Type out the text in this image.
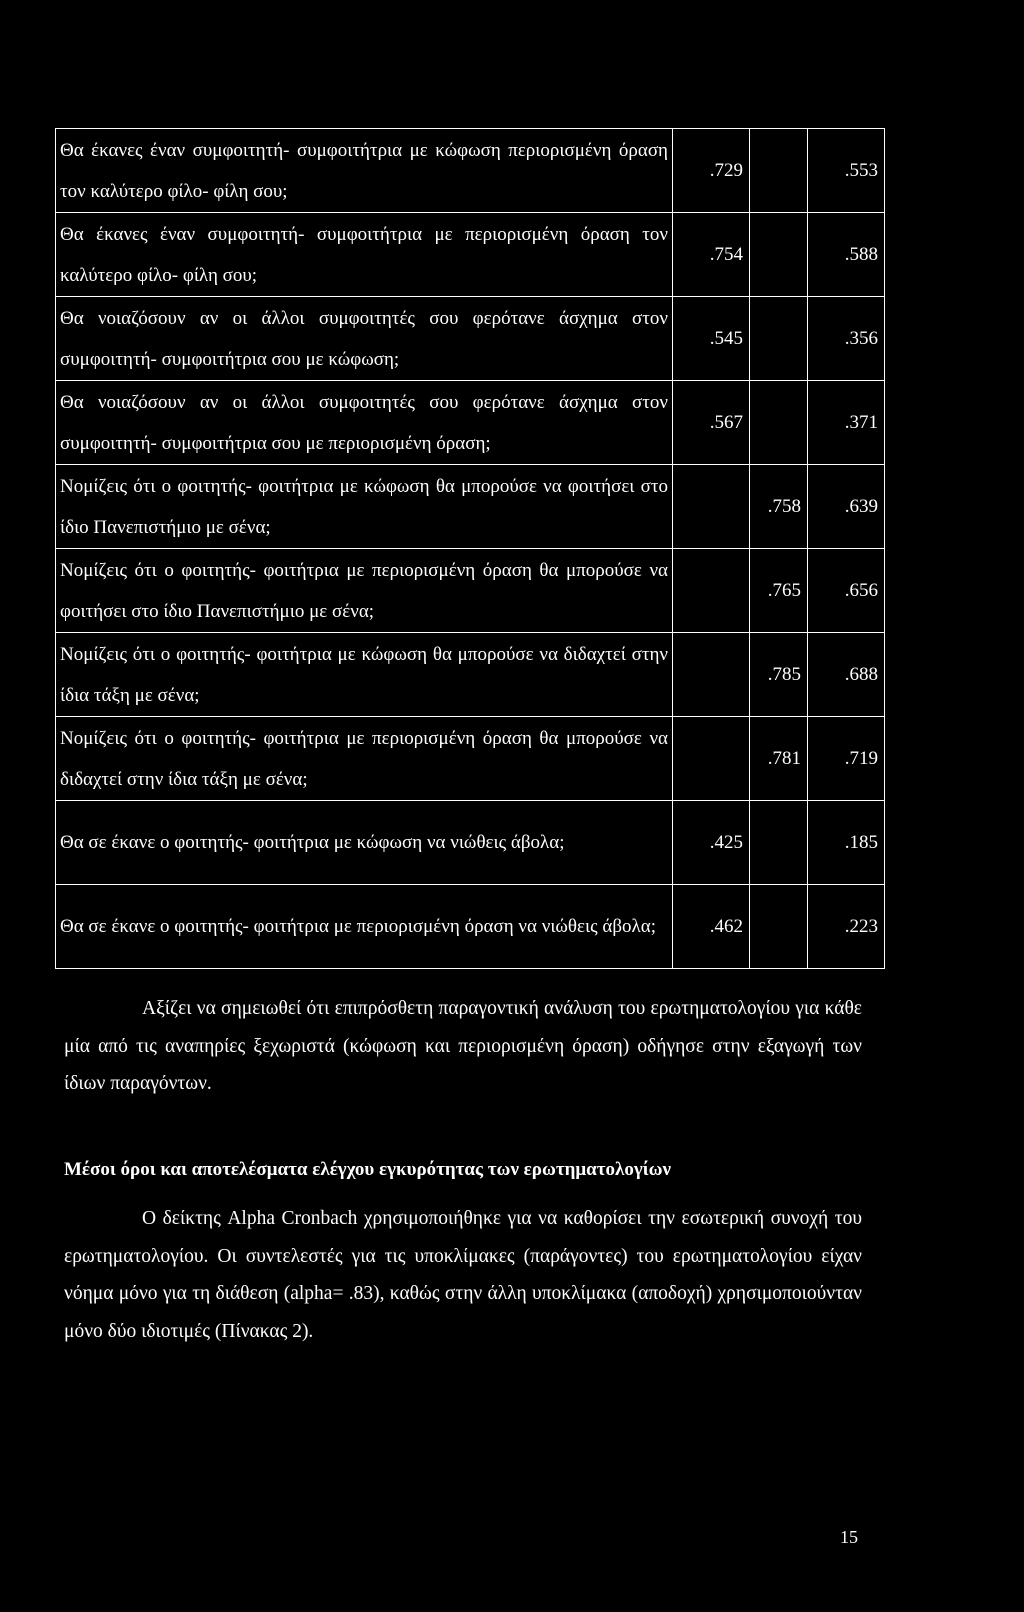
Θα έκανες έναν συμφοιτητή- συμφοιτήτρια με κώφωση περιορισμένη όραση τον καλύτερο φίλο- φίλη σου;	.729		.553

Θα έκανες έναν συμφοιτητή- συμφοιτήτρια με περιορισμένη όραση τον καλύτερο φίλο- φίλη σου;	.754		.588

Θα νοιαζόσουν αν οι άλλοι συμφοιτητές σου φερότανε άσχημα στον συμφοιτητή- συμφοιτήτρια σου με κώφωση;	.545		.356

Θα νοιαζόσουν αν οι άλλοι συμφοιτητές σου φερότανε άσχημα στον συμφοιτητή- συμφοιτήτρια σου με περιορισμένη όραση;	.567		.371

Νομίζεις ότι ο φοιτητής- φοιτήτρια με κώφωση θα μπορούσε να φοιτήσει στο ίδιο Πανεπιστήμιο με σένα;		.758	.639

Νομίζεις ότι ο φοιτητής- φοιτήτρια με περιορισμένη όραση θα μπορούσε να φοιτήσει στο ίδιο Πανεπιστήμιο με σένα;		.765	.656

Νομίζεις ότι ο φοιτητής- φοιτήτρια με κώφωση θα μπορούσε να διδαχτεί στην ίδια τάξη με σένα;		.785	.688

Νομίζεις ότι ο φοιτητής- φοιτήτρια με περιορισμένη όραση θα μπορούσε να διδαχτεί στην ίδια τάξη με σένα;		.781	.719

Θα σε έκανε ο φοιτητής- φοιτήτρια με κώφωση να νιώθεις άβολα;	.425		.185

Θα σε έκανε ο φοιτητής- φοιτήτρια με περιορισμένη όραση να νιώθεις άβολα;	.462		.223
Αξίζει να σημειωθεί ότι επιπρόσθετη παραγοντική ανάλυση του ερωτηματολογίου για κάθε μία από τις αναπηρίες ξεχωριστά (κώφωση και περιορισμένη όραση) οδήγησε στην εξαγωγή των ίδιων παραγόντων.
Μέσοι όροι και αποτελέσματα ελέγχου εγκυρότητας των ερωτηματολογίων
Ο δείκτης Alpha Cronbach χρησιμοποιήθηκε για να καθορίσει την εσωτερική συνοχή του ερωτηματολογίου. Οι συντελεστές για τις υποκλίμακες (παράγοντες) του ερωτηματολογίου είχαν νόημα μόνο για τη διάθεση (alpha= .83), καθώς στην άλλη υποκλίμακα (αποδοχή) χρησιμοποιούνταν μόνο δύο ιδιοτιμές (Πίνακας 2).
15
